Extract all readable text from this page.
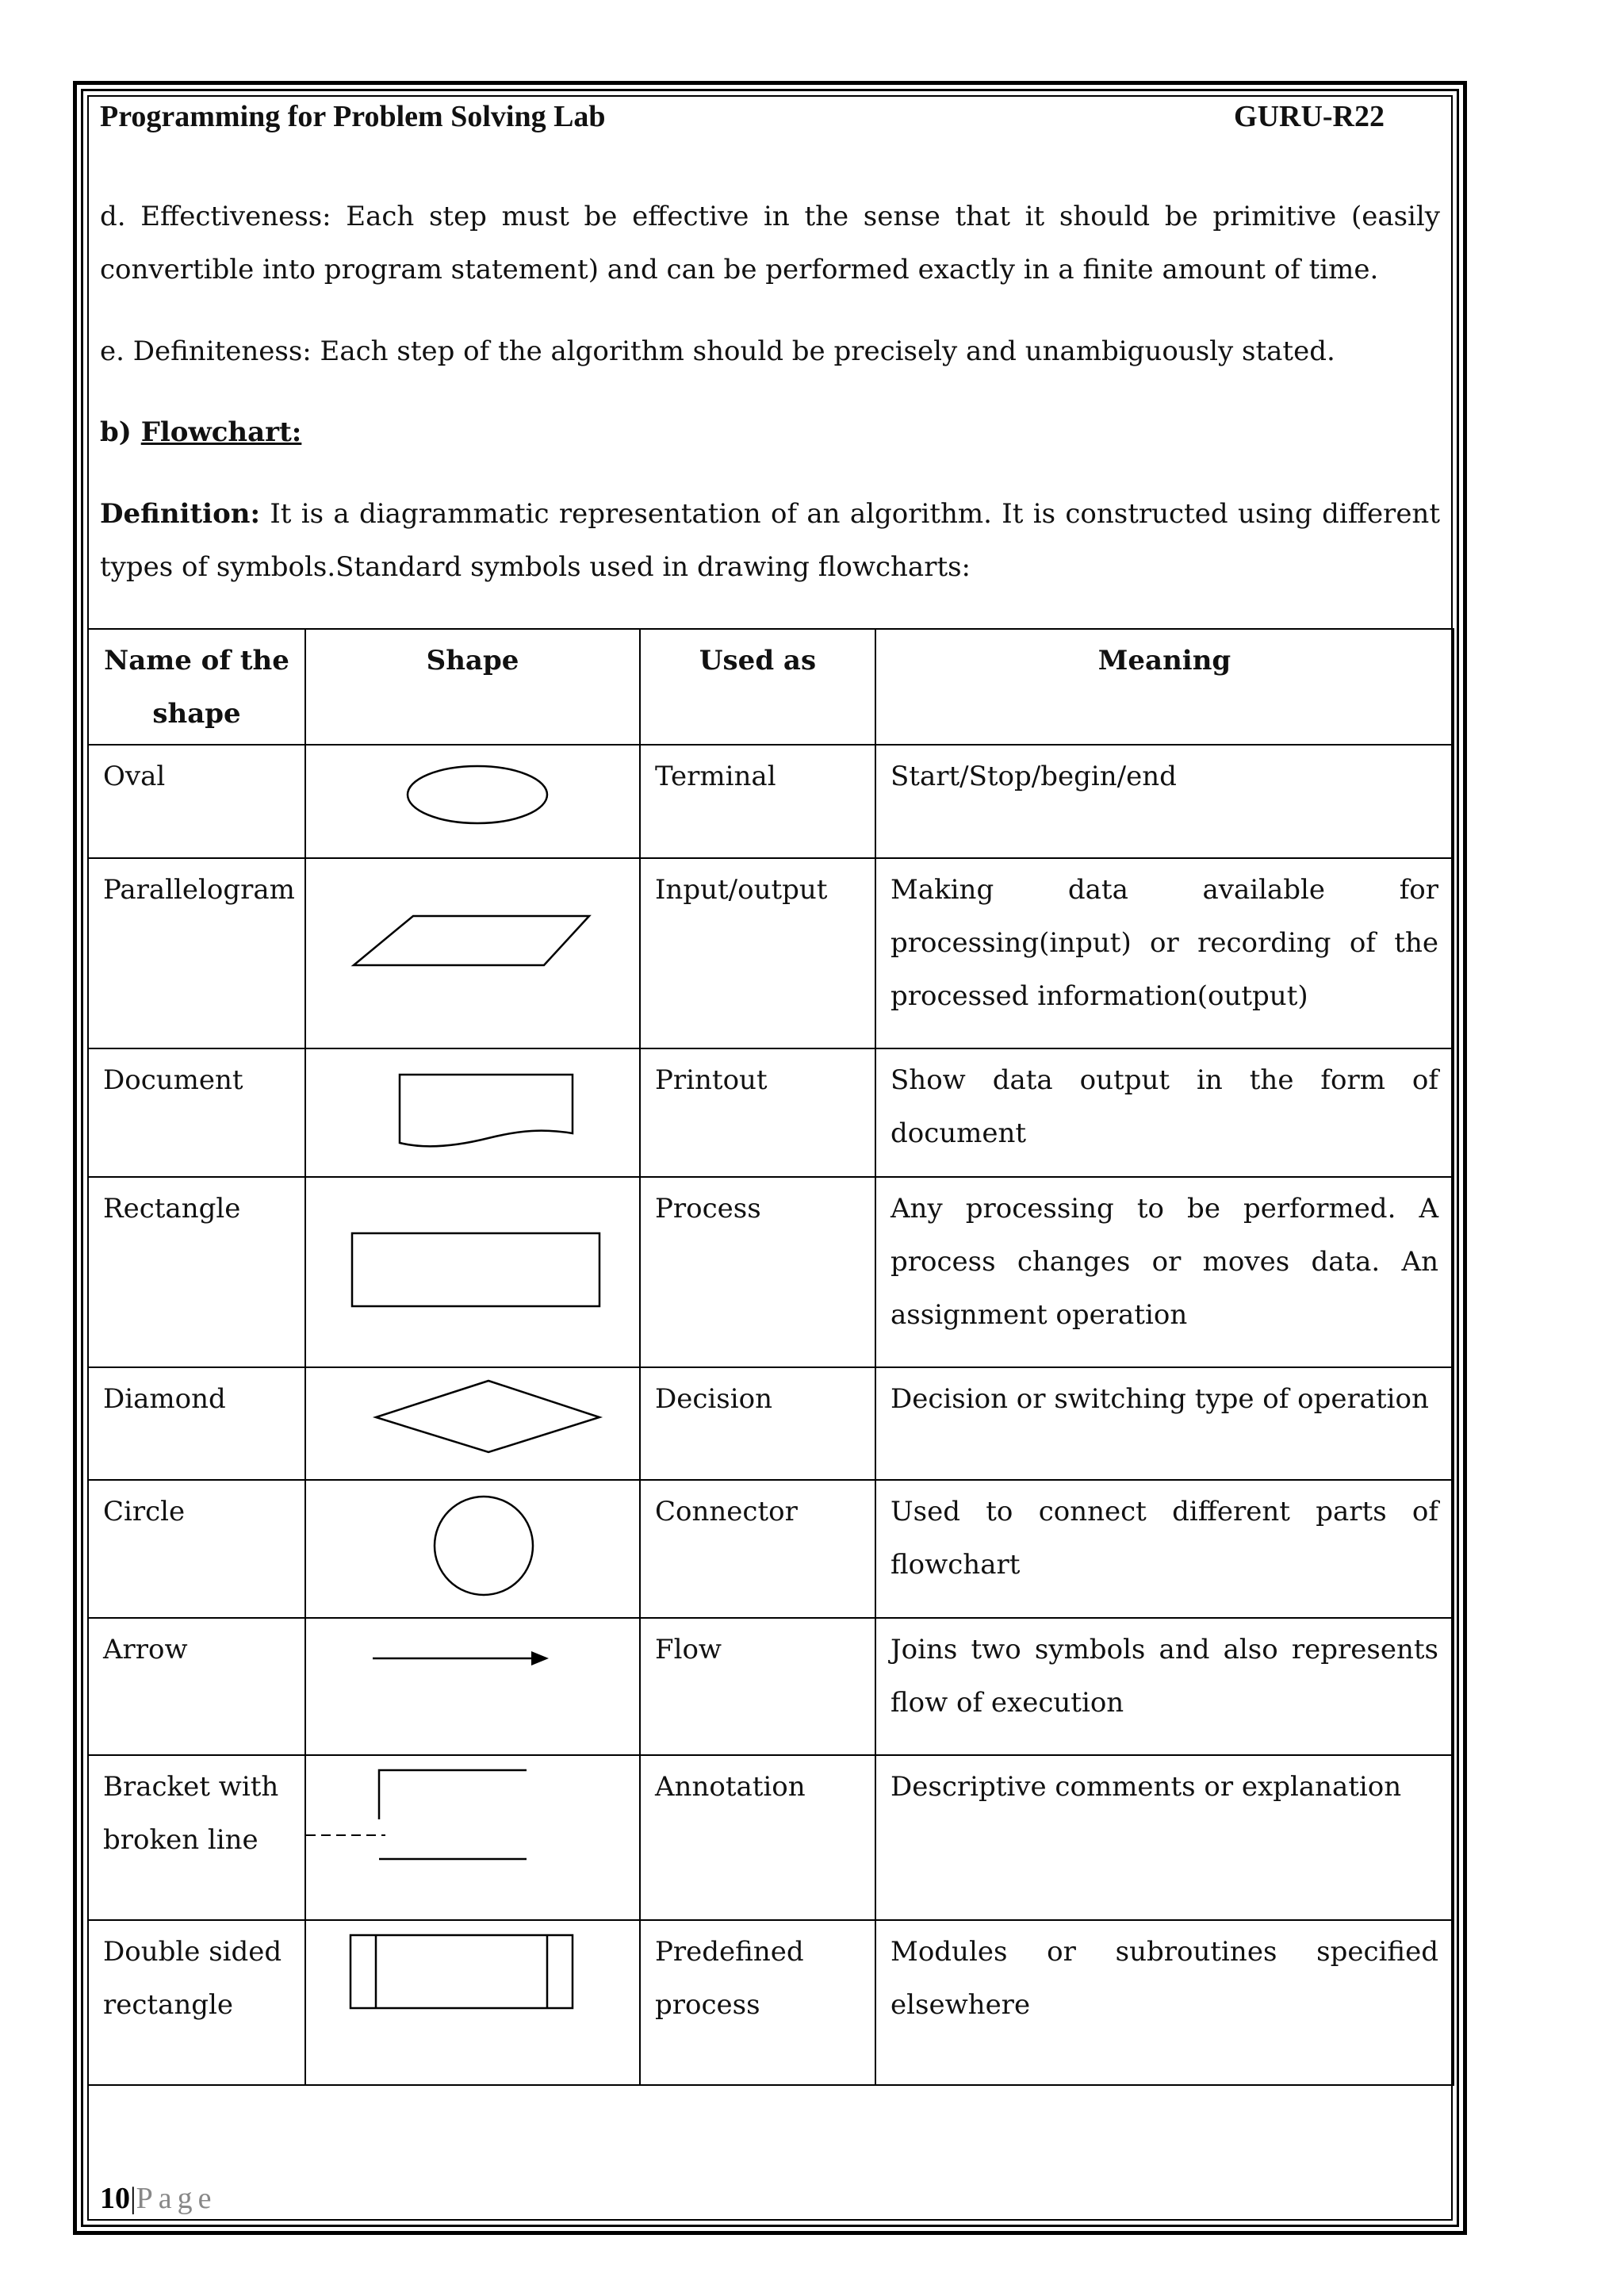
Programming for Problem Solving Lab	GURU-R22

d. Effectiveness: Each step must be effective in the sense that it should be primitive (easily convertible into program statement) and can be performed exactly in a finite amount of time.

e. Definiteness: Each step of the algorithm should be precisely and unambiguously stated.

b) Flowchart:

Definition: It is a diagrammatic representation of an algorithm. It is constructed using different types of symbols.Standard symbols used in drawing flowcharts:

Name of the shape	Shape	Used as	Meaning
Oval		Terminal	Start/Stop/begin/end
Parallelogram		Input/output	Making data available for processing(input) or recording of the processed information(output)
Document		Printout	Show data output in the form of document
Rectangle		Process	Any processing to be performed. A process changes or moves data. An assignment operation
Diamond		Decision	Decision or switching type of operation
Circle		Connector	Used to connect different parts of flowchart
Arrow		Flow	Joins two symbols and also represents flow of execution
Bracket with broken line		Annotation	Descriptive comments or explanation
Double sided rectangle		Predefined process	Modules or subroutines specified elsewhere
10|Page
